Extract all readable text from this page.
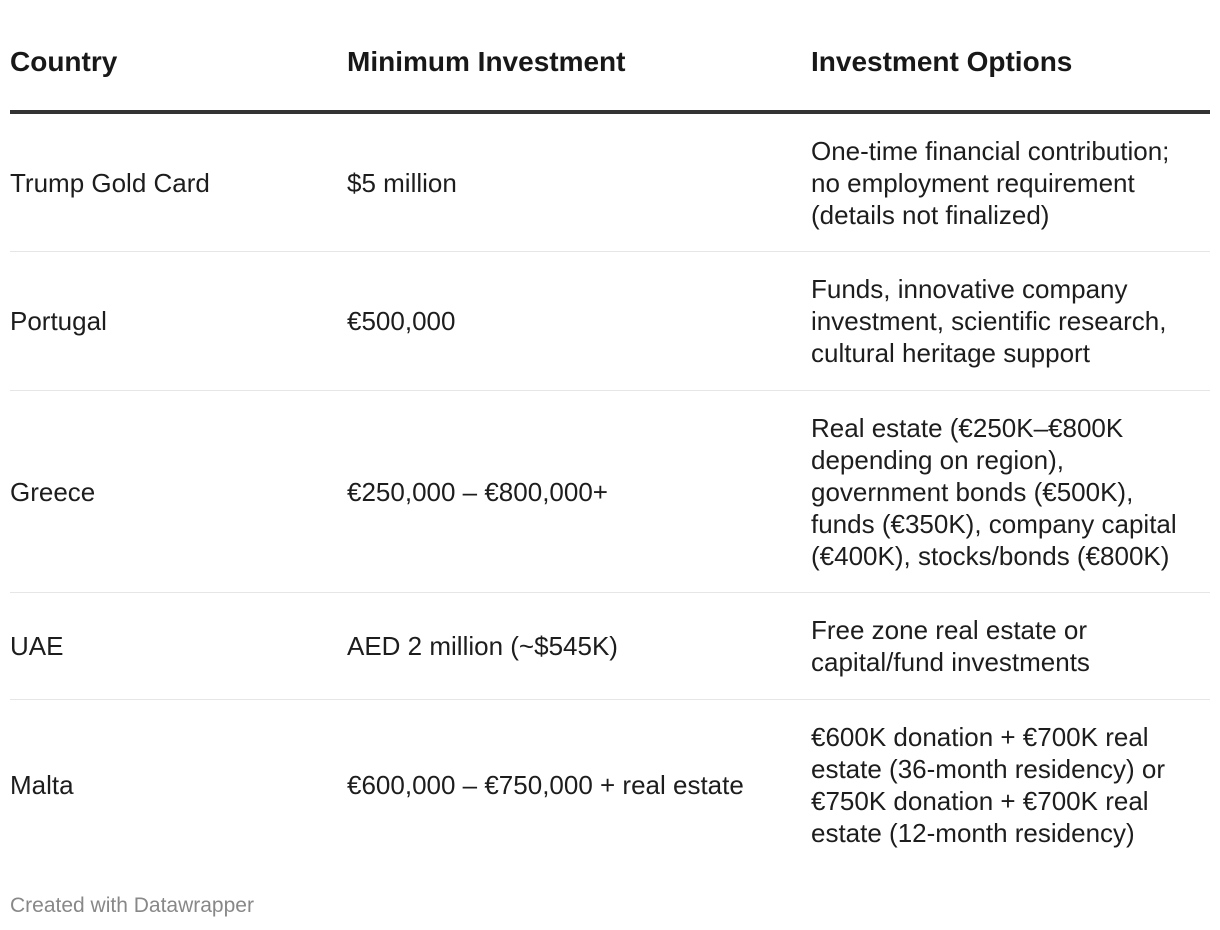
Country	Minimum Investment	Investment Options
Trump Gold Card	$5 million	One-time financial contribution;
no employment requirement
(details not finalized)
Portugal	€500,000	Funds, innovative company
investment, scientific research,
cultural heritage support
Greece	€250,000 – €800,000+	Real estate (€250K–€800K
depending on region),
government bonds (€500K),
funds (€350K), company capital
(€400K), stocks/bonds (€800K)
UAE	AED 2 million (~$545K)	Free zone real estate or
capital/fund investments
Malta	€600,000 – €750,000 + real estate	€600K donation + €700K real
estate (36-month residency) or
€750K donation + €700K real
estate (12-month residency)
Created with Datawrapper
